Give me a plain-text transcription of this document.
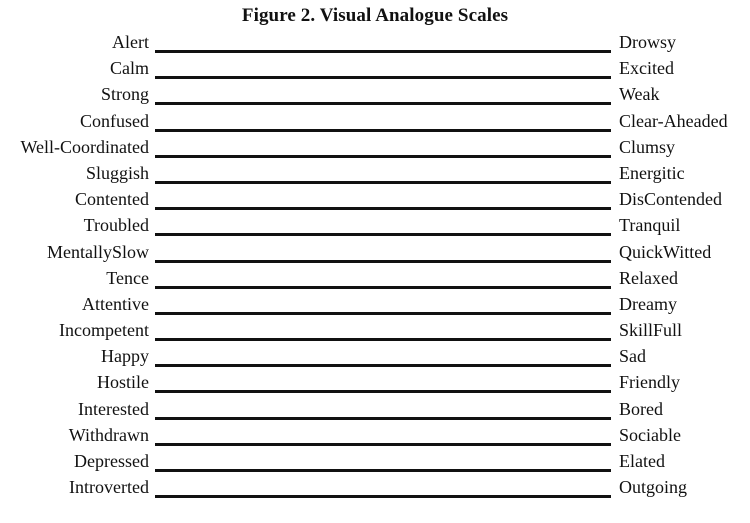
Figure 2. Visual Analogue Scales
Alert	Drowsy
Calm	Excited
Strong	Weak
Confused	Clear-Aheaded
Well-Coordinated	Clumsy
Sluggish	Energitic
Contented	DisContended
Troubled	Tranquil
MentallySlow	QuickWitted
Tence	Relaxed
Attentive	Dreamy
Incompetent	SkillFull
Happy	Sad
Hostile	Friendly
Interested	Bored
Withdrawn	Sociable
Depressed	Elated
Introverted	Outgoing
